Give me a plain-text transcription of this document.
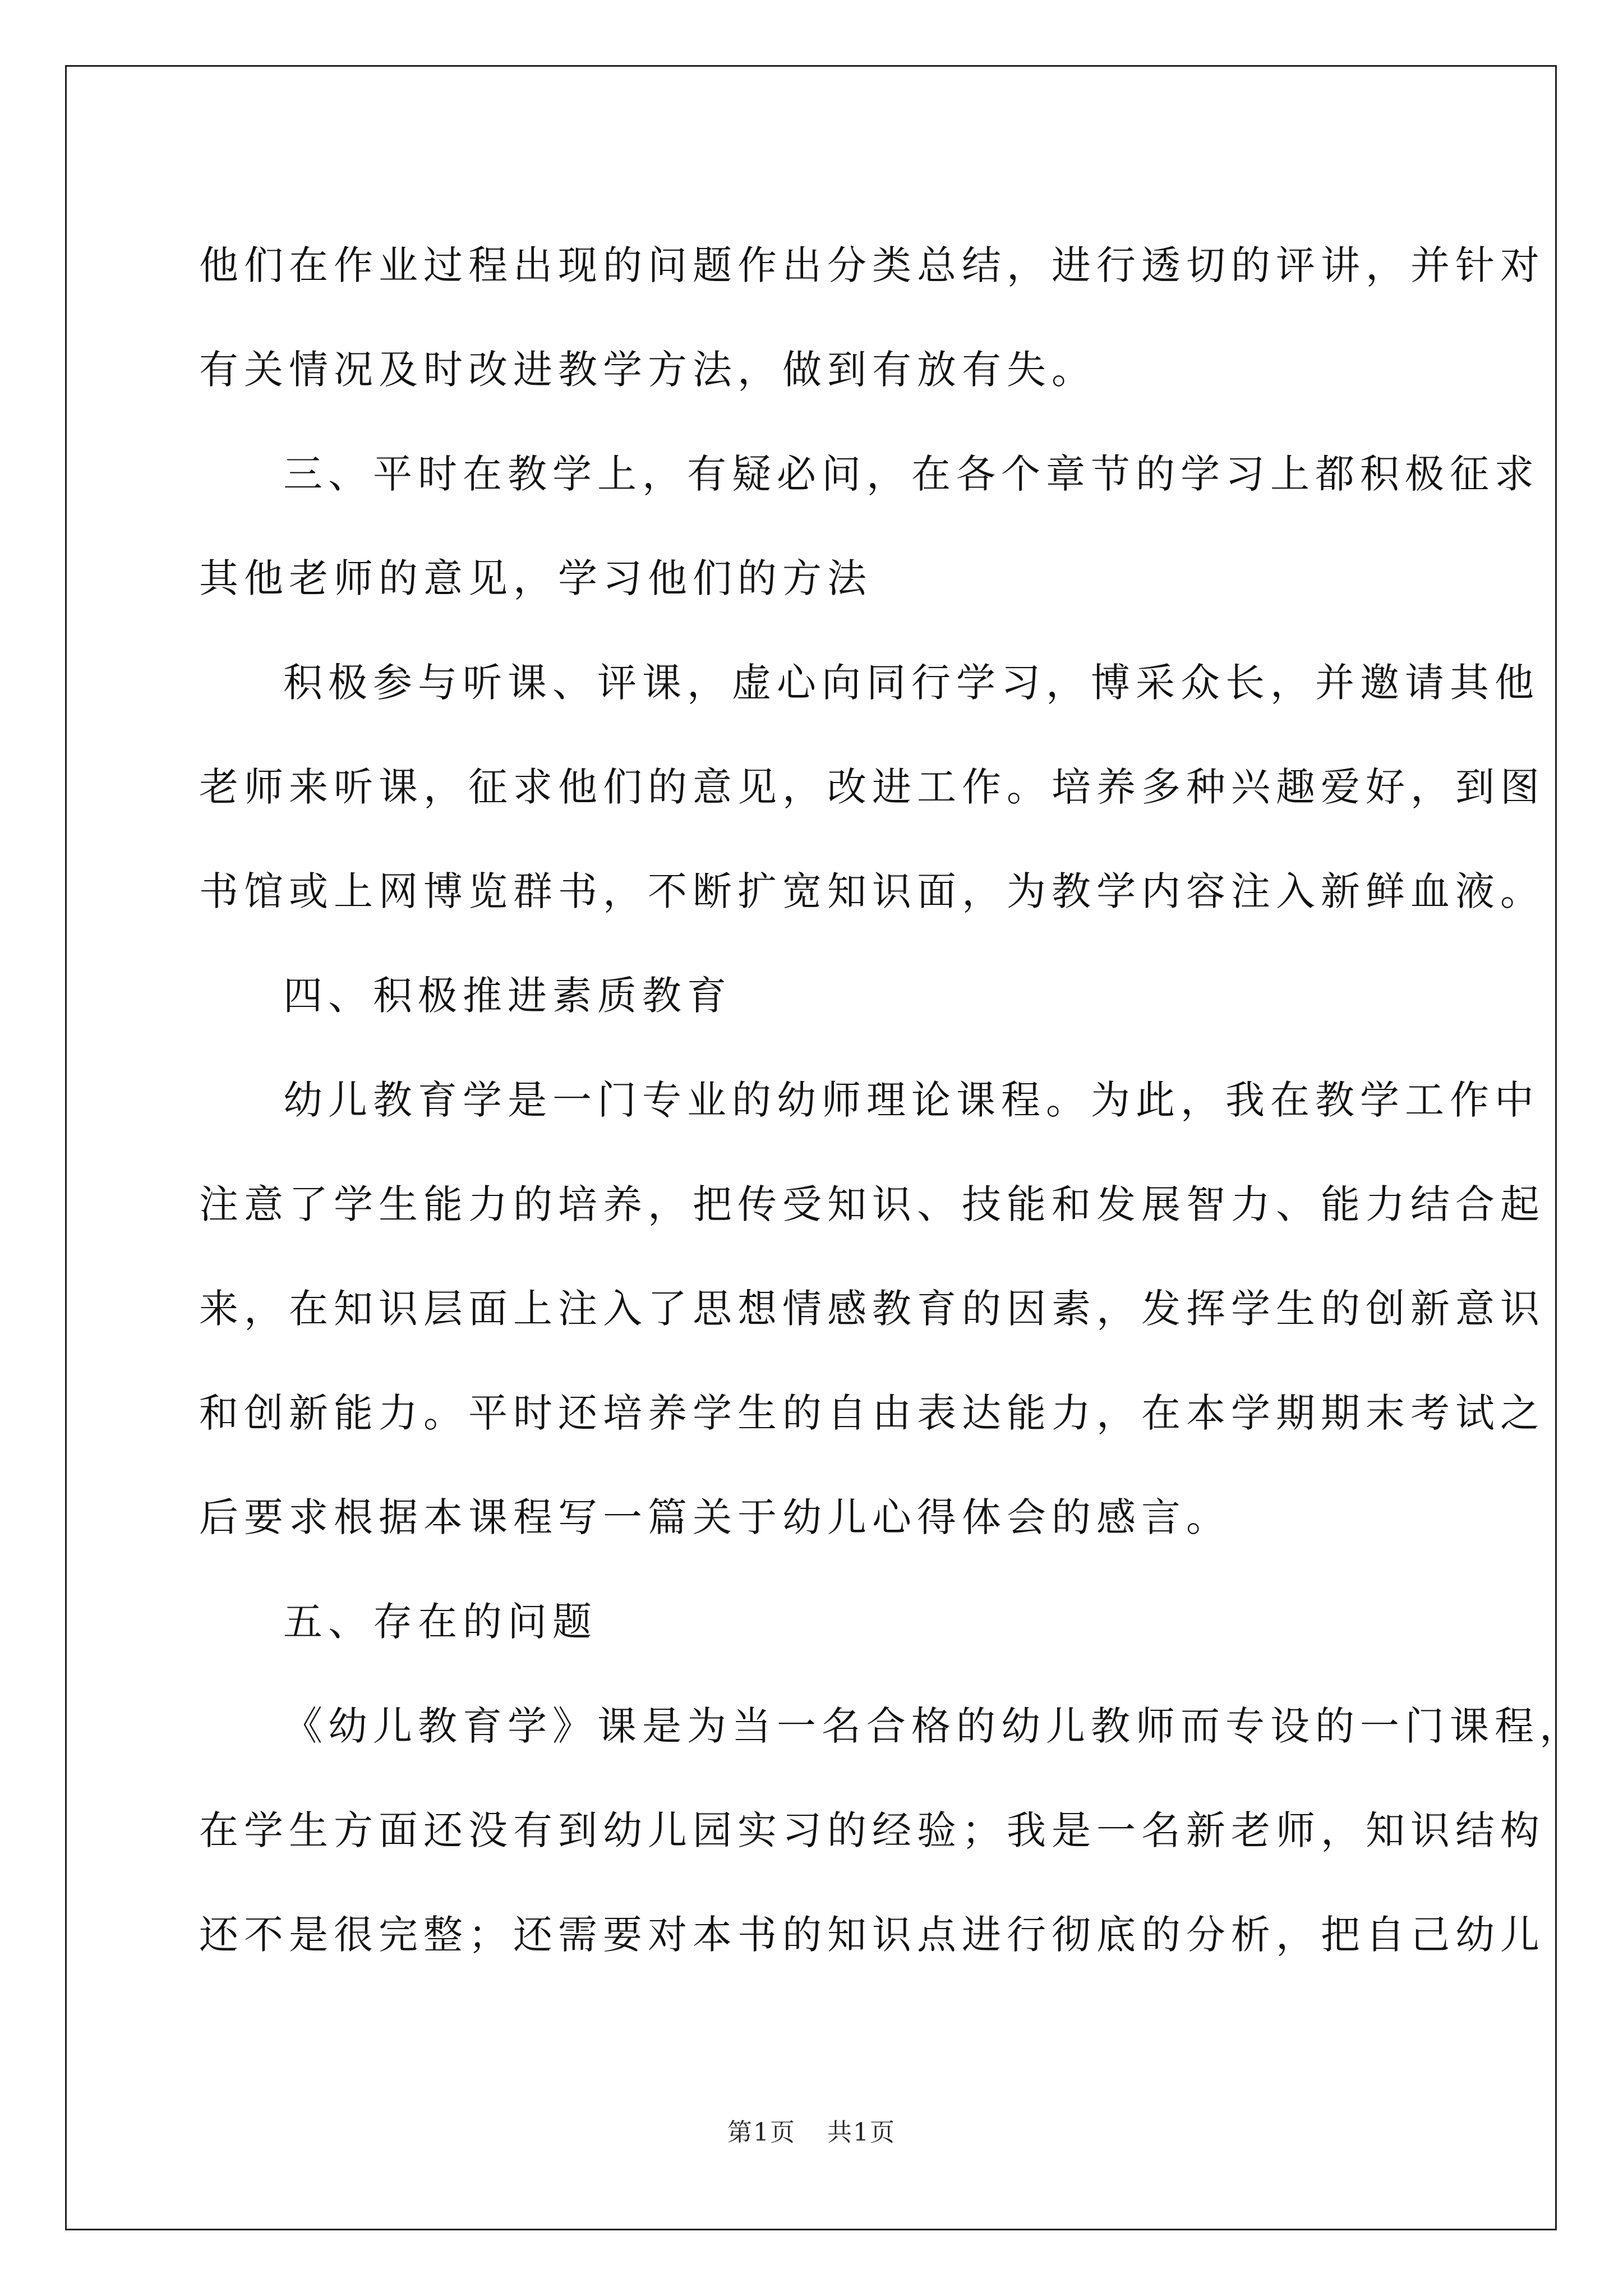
他们在作业过程出现的问题作出分类总结，进行透切的评讲，并针对
有关情况及时改进教学方法，做到有放有失。
三、平时在教学上，有疑必问，在各个章节的学习上都积极征求
其他老师的意见，学习他们的方法
积极参与听课、评课，虚心向同行学习，博采众长，并邀请其他
老师来听课，征求他们的意见，改进工作。培养多种兴趣爱好，到图
书馆或上网博览群书，不断扩宽知识面，为教学内容注入新鲜血液。
四、积极推进素质教育
幼儿教育学是一门专业的幼师理论课程。为此，我在教学工作中
注意了学生能力的培养，把传受知识、技能和发展智力、能力结合起
来，在知识层面上注入了思想情感教育的因素，发挥学生的创新意识
和创新能力。平时还培养学生的自由表达能力，在本学期期末考试之
后要求根据本课程写一篇关于幼儿心得体会的感言。
五、存在的问题
《幼儿教育学》课是为当一名合格的幼儿教师而专设的一门课程，
在学生方面还没有到幼儿园实习的经验；我是一名新老师，知识结构
还不是很完整；还需要对本书的知识点进行彻底的分析，把自己幼儿
第1页 共1页
